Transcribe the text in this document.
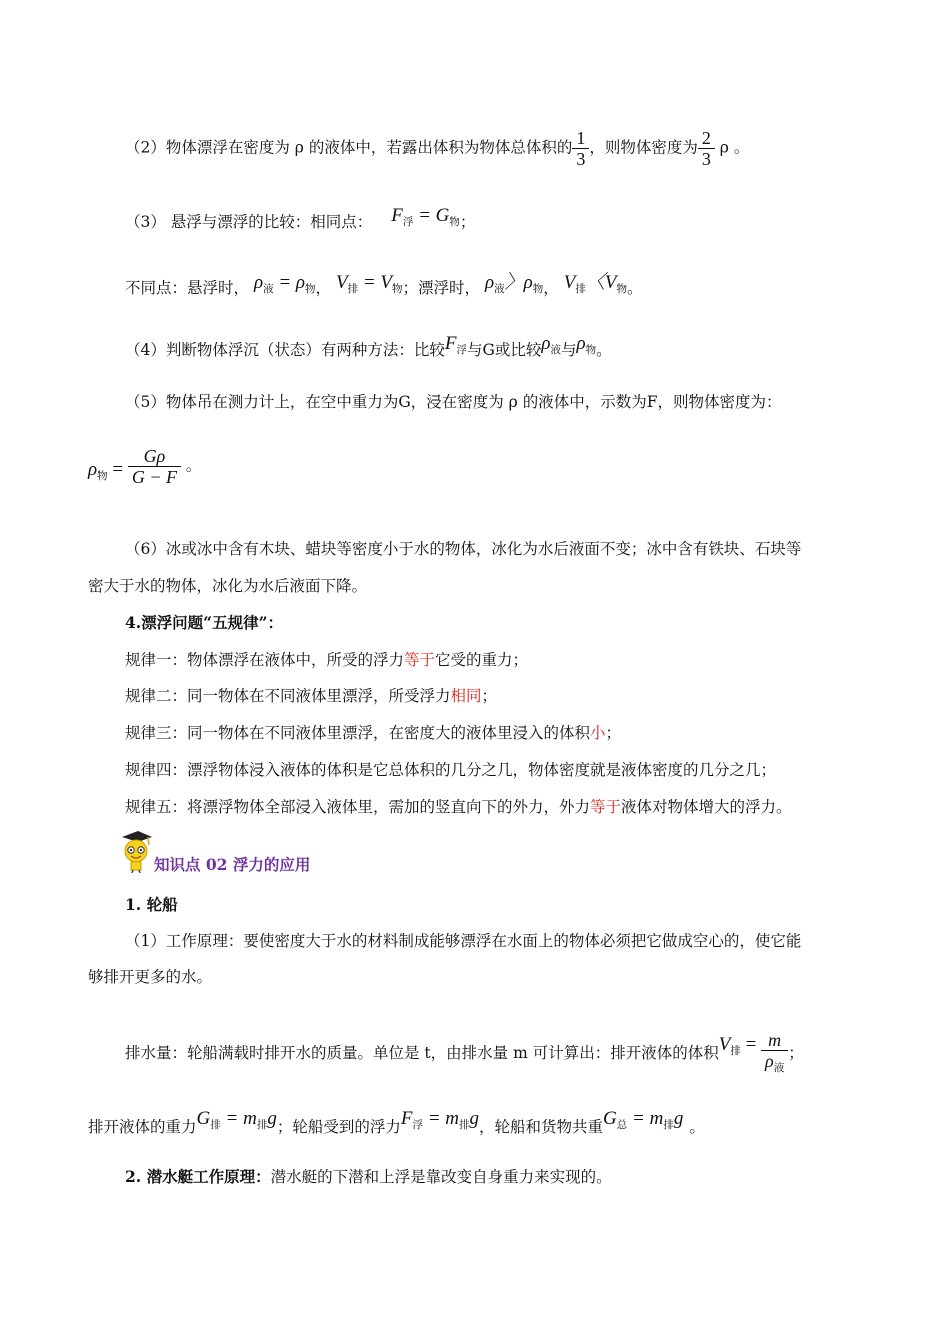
（2）物体漂浮在密度为 ρ 的液体中，若露出体积为物体总体积的 $\frac{1}{3}$ ，则物体密度为 $\frac{2}{3}$ ρ 。
（3） 悬浮与漂浮的比较：相同点： $F_浮 = G_物$；
不同点：悬浮时， $\rho_液 = \rho_物$， $V_排 = V_物$；漂浮时， $\rho_液$〉$\rho_物$， $V_排$〈$V_物$。
（4）判断物体浮沉（状态）有两种方法：比较$F_浮$与G或比较$\rho_液$与$\rho_物$。
（5）物体吊在测力计上，在空中重力为G，浸在密度为 ρ 的液体中，示数为F，则物体密度为：
$\rho_物 = \frac{G\rho}{G - F}$ 。
（6）冰或冰中含有木块、蜡块等密度小于水的物体，冰化为水后液面不变；冰中含有铁块、石块等
密大于水的物体，冰化为水后液面下降。
4.漂浮问题“五规律”：
规律一：物体漂浮在液体中，所受的浮力等于它受的重力；
规律二：同一物体在不同液体里漂浮，所受浮力相同；
规律三：同一物体在不同液体里漂浮，在密度大的液体里浸入的体积小；
规律四：漂浮物体浸入液体的体积是它总体积的几分之几，物体密度就是液体密度的几分之几；
规律五：将漂浮物体全部浸入液体里，需加的竖直向下的外力，外力等于液体对物体增大的浮力。
知识点 02 浮力的应用
1. 轮船
（1）工作原理：要使密度大于水的材料制成能够漂浮在水面上的物体必须把它做成空心的，使它能
够排开更多的水。
排水量：轮船满载时排开水的质量。单位是 t，由排水量 m 可计算出：排开液体的体积$V_排 = \frac{m}{\rho_液}$ ；
排开液体的重力$G_排 = m_排g$；轮船受到的浮力$F_浮 = m_排g$，轮船和货物共重$G_总 = m_排g$ 。
2. 潜水艇工作原理：潜水艇的下潜和上浮是靠改变自身重力来实现的。
